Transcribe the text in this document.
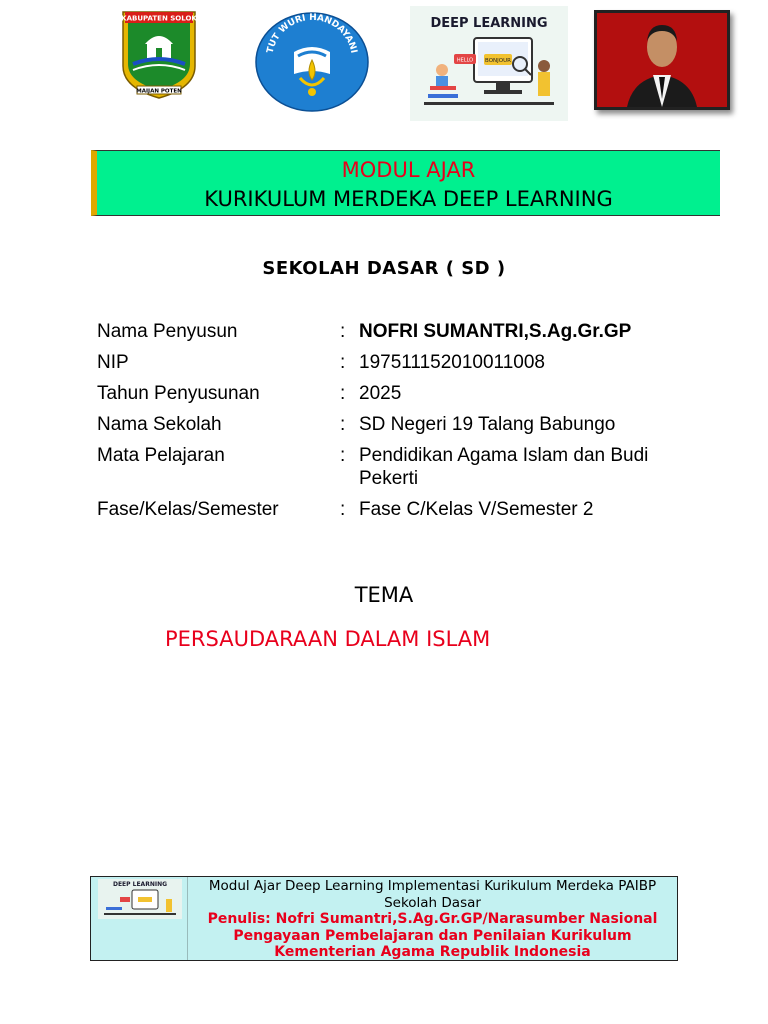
KABUPATEN SOLOK
MAIJAN POTEN
TUT WURI HANDAYANI
DEEP LEARNING
HELLO BONJOUR
MODUL AJAR
KURIKULUM MERDEKA DEEP LEARNING
SEKOLAH DASAR ( SD )
Nama Penyusun	: NOFRI SUMANTRI,S.Ag.Gr.GP
NIP	: 197511152010011008
Tahun Penyusunan	: 2025
Nama Sekolah	: SD Negeri 19 Talang Babungo
Mata Pelajaran	: Pendidikan Agama Islam dan Budi Pekerti
Fase/Kelas/Semester	: Fase C/Kelas V/Semester 2
TEMA
PERSAUDARAAN DALAM ISLAM
DEEP LEARNING	Modul Ajar Deep Learning Implementasi Kurikulum Merdeka PAIBP Sekolah Dasar
Penulis: Nofri Sumantri,S.Ag.Gr.GP/Narasumber Nasional Pengayaan Pembelajaran dan Penilaian Kurikulum Kementerian Agama Republik Indonesia
